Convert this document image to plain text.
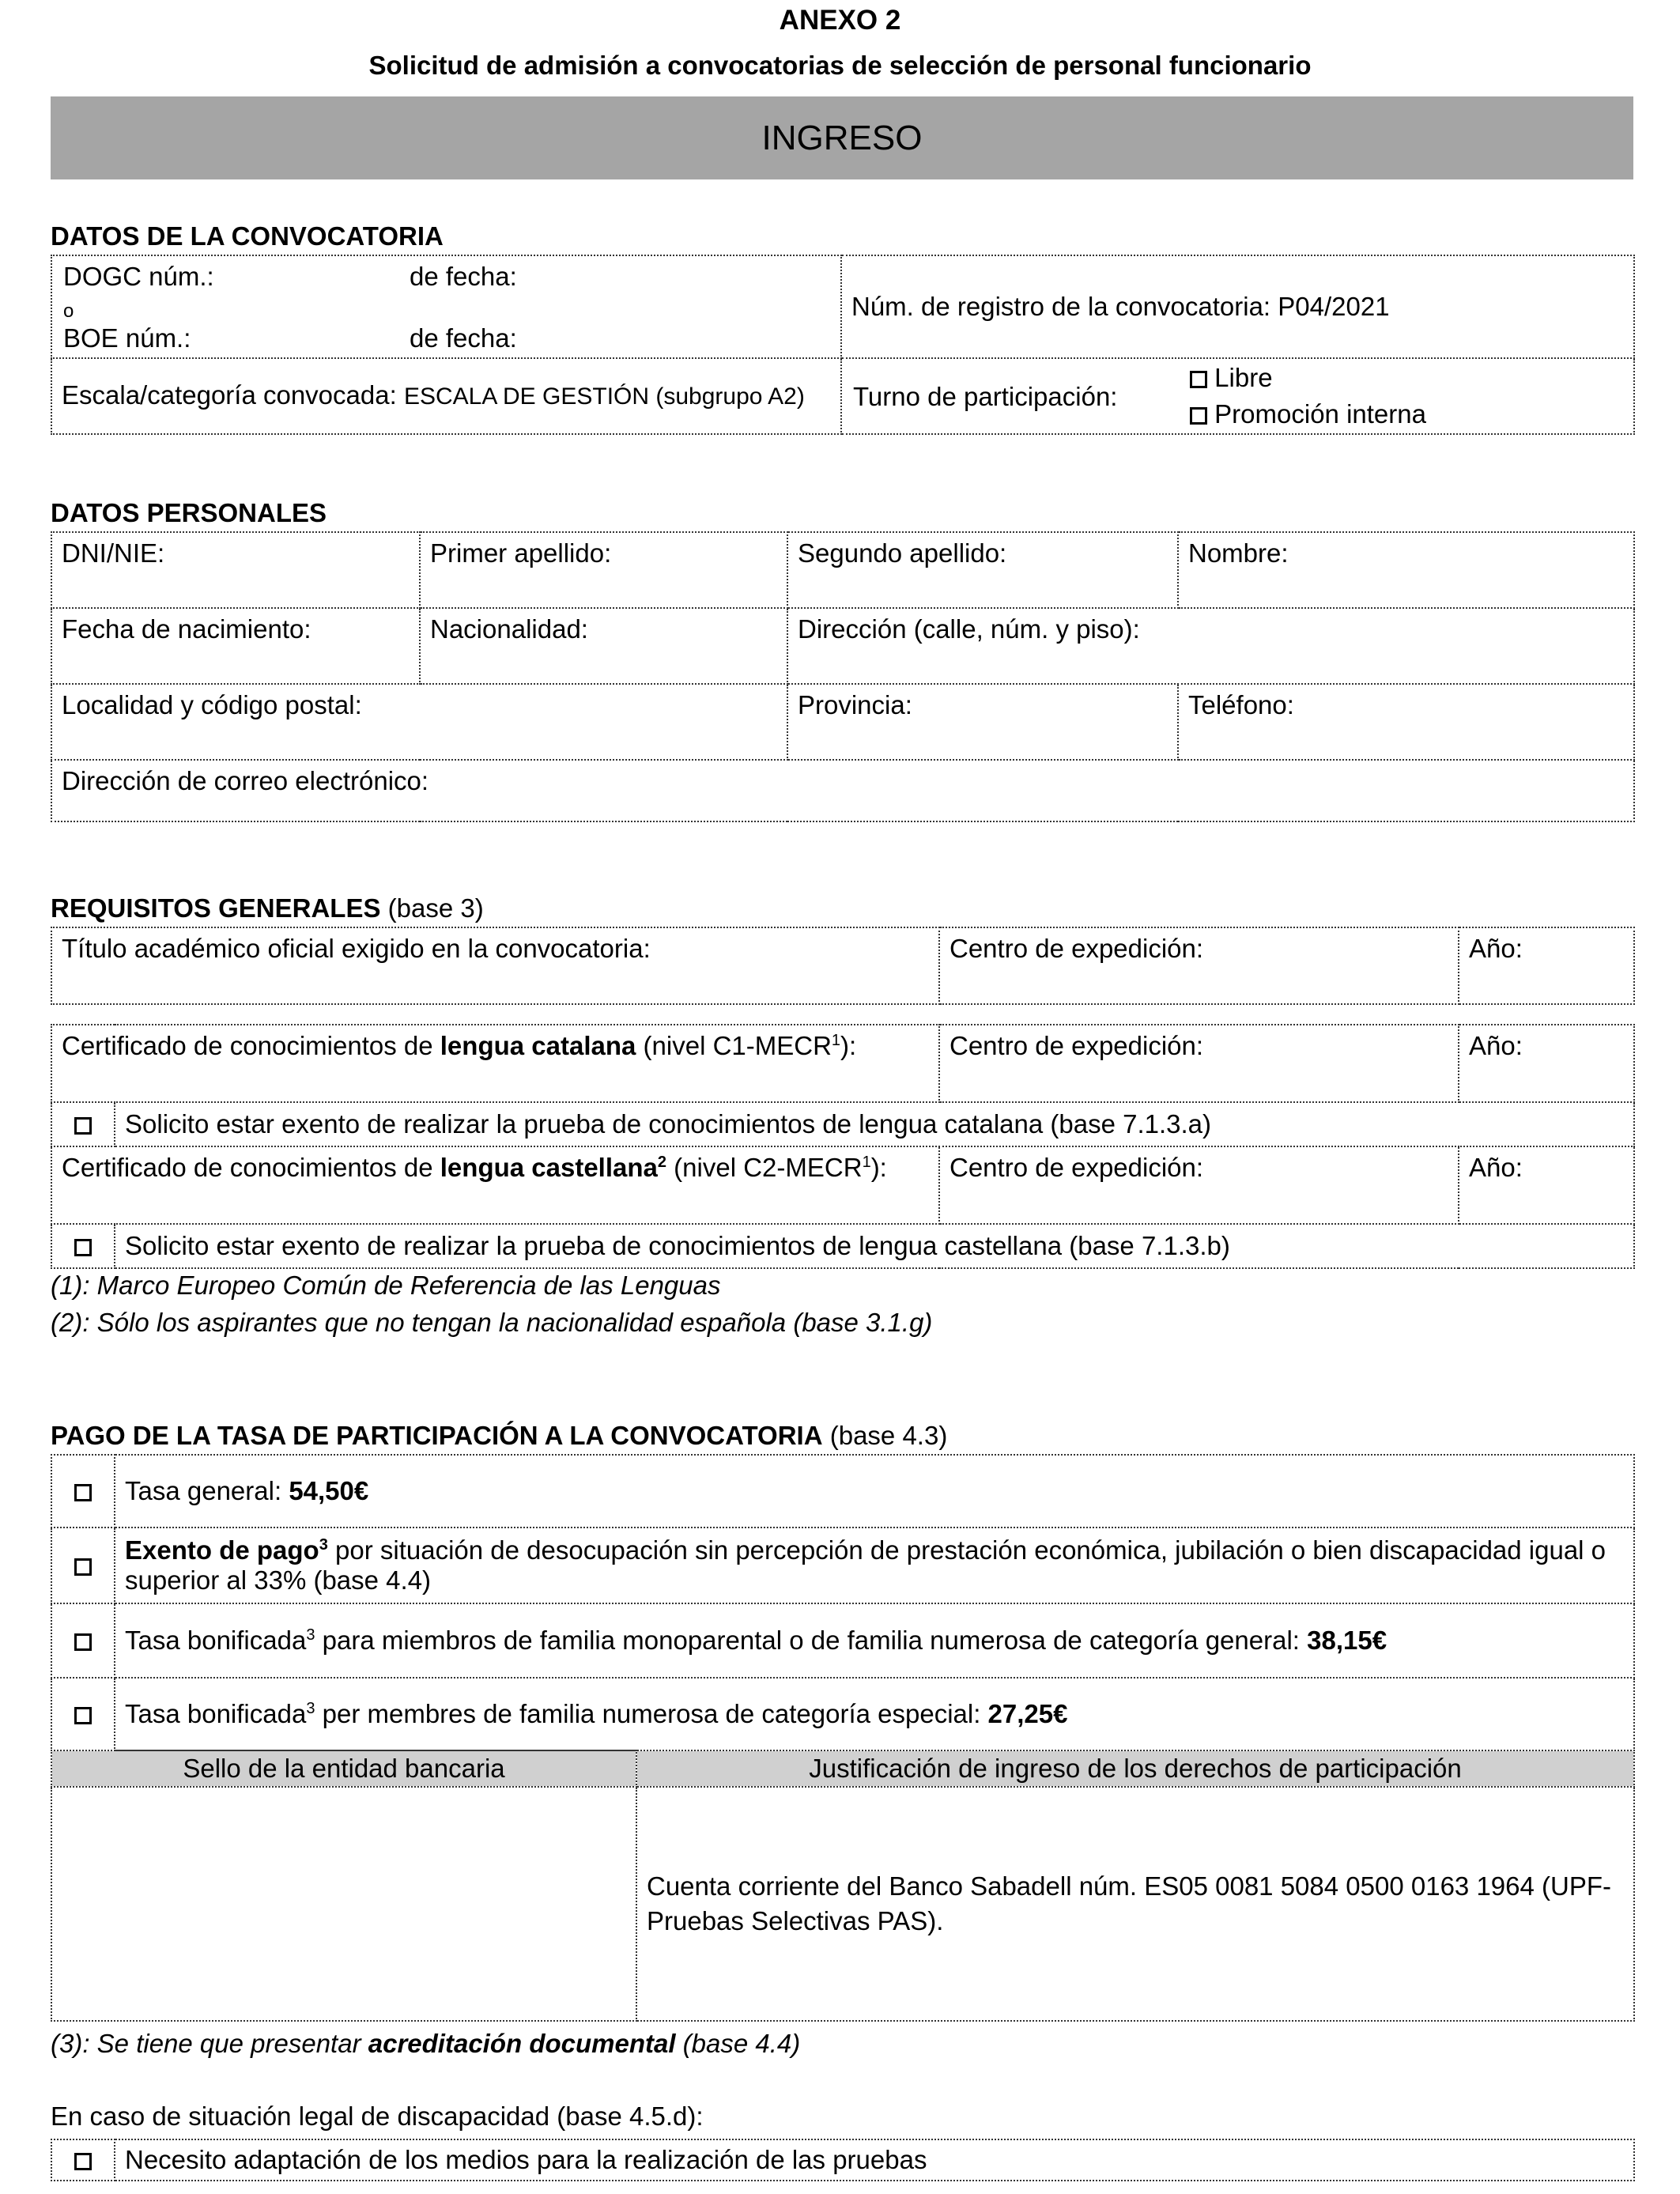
ANEXO 2
Solicitud de admisión a convocatorias de selección de personal funcionario
INGRESO
DATOS DE LA CONVOCATORIA
DOGC núm.: de fecha:
o
BOE núm.: de fecha:	Núm. de registro de la convocatoria: P04/2021
Escala/categoría convocada: ESCALA DE GESTIÓN (subgrupo A2)	Turno de participación:
Libre
Promoción interna
DATOS PERSONALES
DNI/NIE:	Primer apellido:	Segundo apellido:	Nombre:
Fecha de nacimiento:	Nacionalidad:	Dirección (calle, núm. y piso):	
Localidad y código postal:		Provincia:	Teléfono:
Dirección de correo electrónico:			
REQUISITOS GENERALES (base 3)
Título académico oficial exigido en la convocatoria:	Centro de expedición:	Año:
Certificado de conocimientos de lengua catalana (nivel C1-MECR$^1$):		Centro de expedición:	Año:
	Solicito estar exento de realizar la prueba de conocimientos de lengua catalana (base 7.1.3.a)		
Certificado de conocimientos de lengua castellana$^2$ (nivel C2-MECR$^1$):		Centro de expedición:	Año:
	Solicito estar exento de realizar la prueba de conocimientos de lengua castellana (base 7.1.3.b)		
(1): Marco Europeo Común de Referencia de las Lenguas
(2): Sólo los aspirantes que no tengan la nacionalidad española (base 3.1.g)
PAGO DE LA TASA DE PARTICIPACIÓN A LA CONVOCATORIA (base 4.3)
	Tasa general: 54,50€
	Exento de pago$^3$ por situación de desocupación sin percepción de prestación económica, jubilación o bien discapacidad igual o superior al 33% (base 4.4)
	Tasa bonificada$^3$ para miembros de familia monoparental o de familia numerosa de categoría general: 38,15€
	Tasa bonificada$^3$ per membres de familia numerosa de categoría especial: 27,25€
Sello de la entidad bancaria	Justificación de ingreso de los derechos de participación
	Cuenta corriente del Banco Sabadell núm. ES05 0081 5084 0500 0163 1964 (UPF-Pruebas Selectivas PAS).
(3): Se tiene que presentar acreditación documental (base 4.4)
En caso de situación legal de discapacidad (base 4.5.d):
	Necesito adaptación de los medios para la realización de las pruebas
